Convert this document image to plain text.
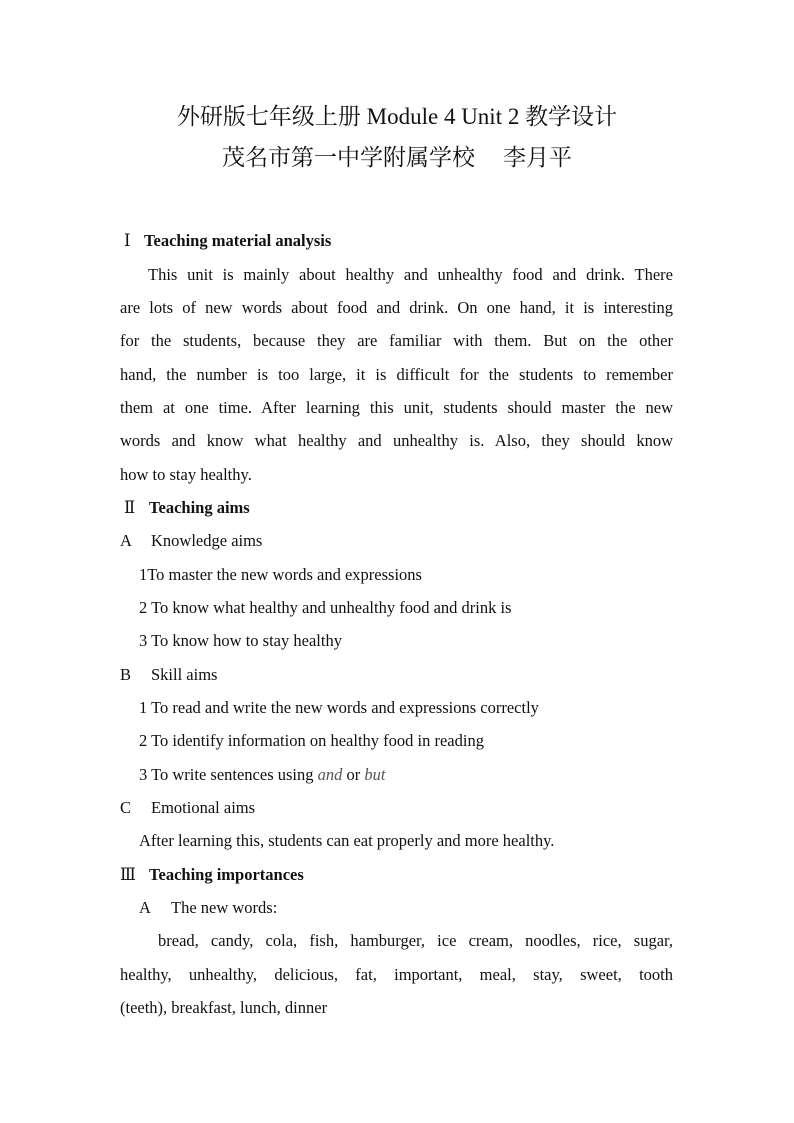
外研版七年级上册 Module 4 Unit 2 教学设计
茂名市第一中学附属学校 李月平
Ⅰ Teaching material analysis
This unit is mainly about healthy and unhealthy food and drink. There
are lots of new words about food and drink. On one hand, it is interesting
for the students, because they are familiar with them. But on the other
hand, the number is too large, it is difficult for the students to remember
them at one time. After learning this unit, students should master the new
words and know what healthy and unhealthy is. Also, they should know
how to stay healthy.
Ⅱ Teaching aims
A Knowledge aims
1To master the new words and expressions
2 To know what healthy and unhealthy food and drink is
3 To know how to stay healthy
B Skill aims
1 To read and write the new words and expressions correctly
2 To identify information on healthy food in reading
3 To write sentences using and or but
C Emotional aims
After learning this, students can eat properly and more healthy.
Ⅲ Teaching importances
A The new words:
bread, candy, cola, fish, hamburger, ice cream, noodles, rice, sugar,
healthy, unhealthy, delicious, fat, important, meal, stay, sweet, tooth
(teeth), breakfast, lunch, dinner
